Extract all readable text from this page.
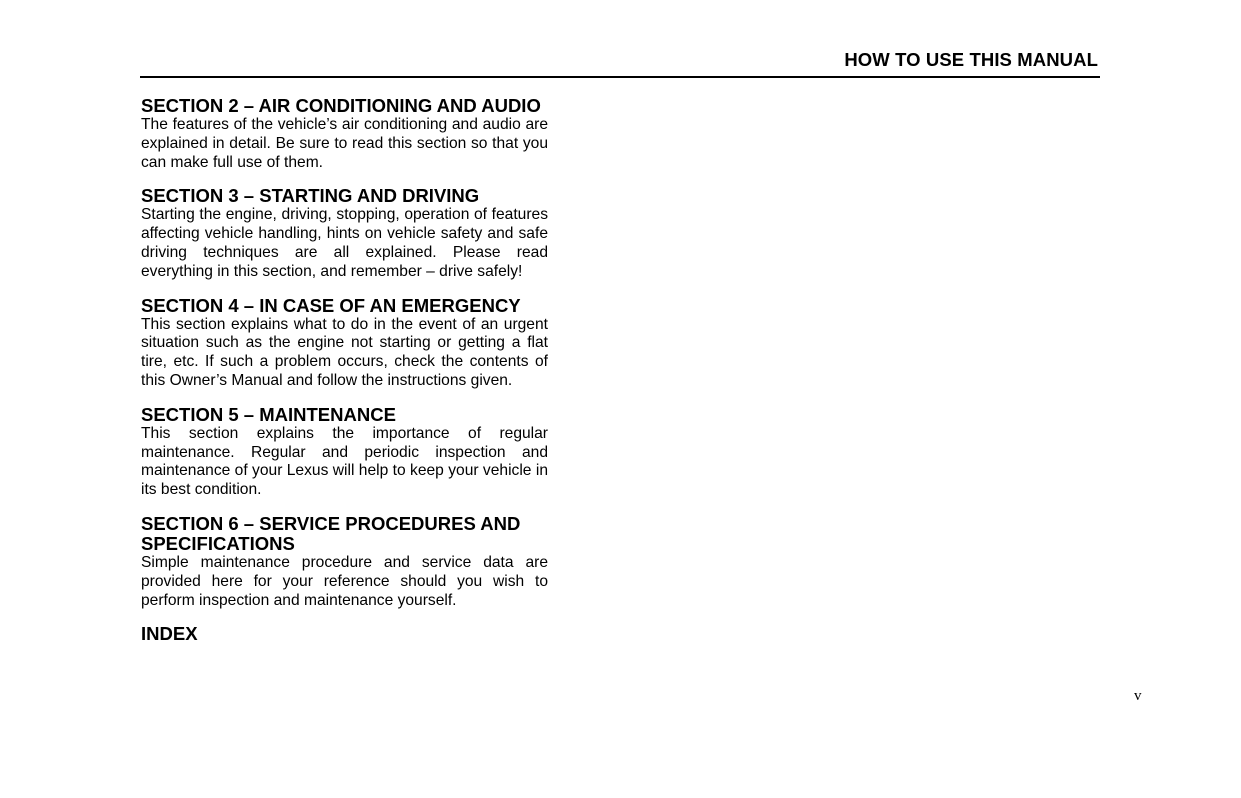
HOW TO USE THIS MANUAL
SECTION 2 – AIR CONDITIONING AND AUDIO
The features of the vehicle’s air conditioning and audio are explained in detail. Be sure to read this section so that you can make full use of them.
SECTION 3 – STARTING AND DRIVING
Starting the engine, driving, stopping, operation of features affecting vehicle handling, hints on vehicle safety and safe driving techniques are all explained. Please read everything in this section, and remember – drive safely!
SECTION 4 – IN CASE OF AN EMERGENCY
This section explains what to do in the event of an urgent situation such as the engine not starting or getting a flat tire, etc. If such a problem occurs, check the contents of this Owner’s Manual and follow the instructions given.
SECTION 5 – MAINTENANCE
This section explains the importance of regular maintenance. Regular and periodic inspection and maintenance of your Lexus will help to keep your vehicle in its best condition.
SECTION 6 – SERVICE PROCEDURES AND SPECIFICATIONS
Simple maintenance procedure and service data are provided here for your reference should you wish to perform inspection and maintenance yourself.
INDEX
v
